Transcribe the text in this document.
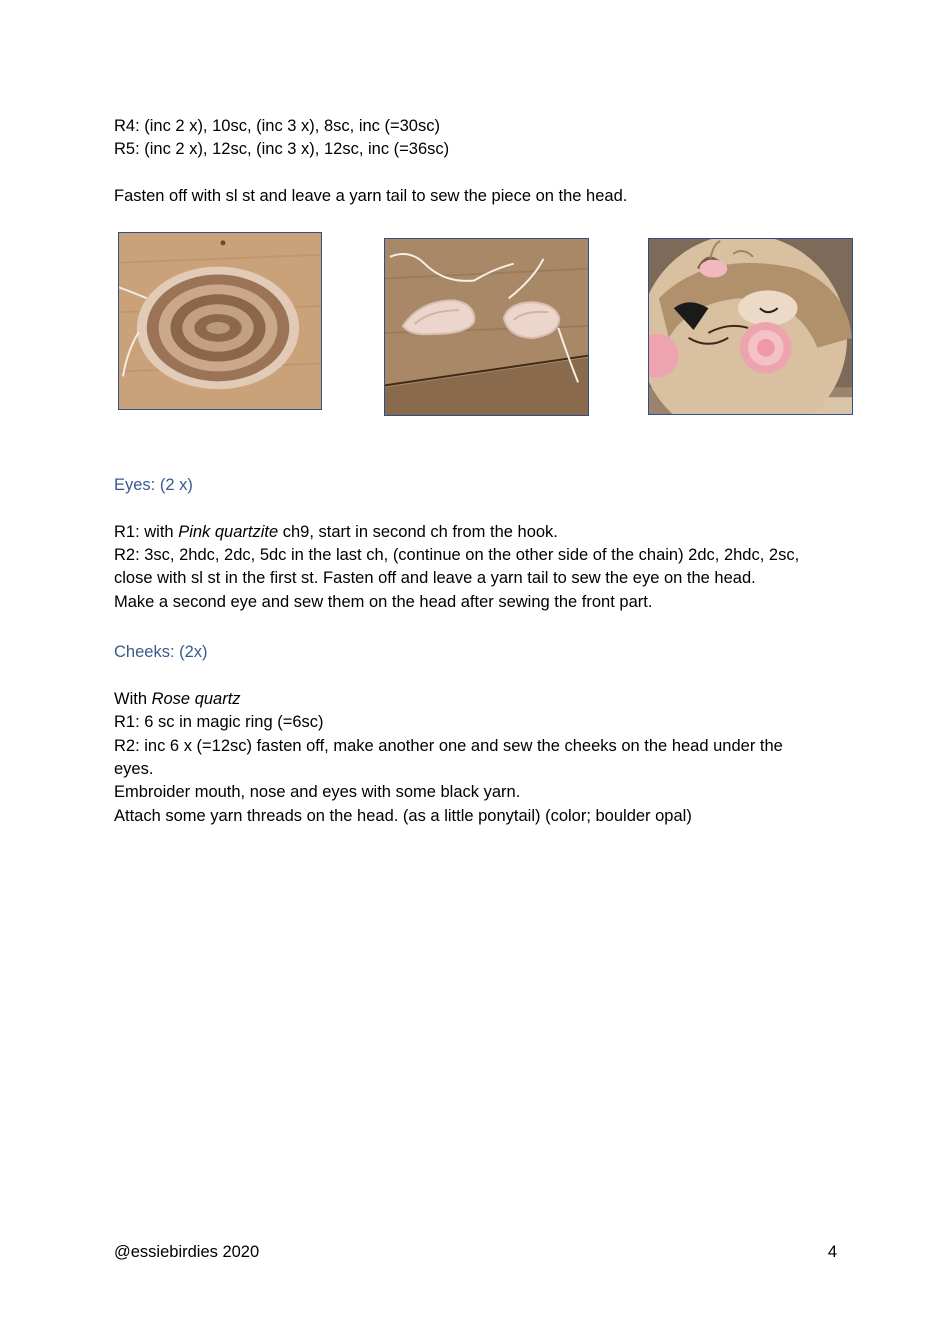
R4: (inc 2 x), 10sc, (inc 3 x), 8sc, inc (=30sc)
R5: (inc 2 x), 12sc, (inc 3 x), 12sc, inc (=36sc)
Fasten off with sl st and leave a yarn tail to sew the piece on the head.
Eyes: (2 x)
R1: with Pink quartzite ch9, start in second ch from the hook.
R2: 3sc, 2hdc, 2dc, 5dc in the last ch, (continue on the other side of the chain) 2dc, 2hdc, 2sc,
close with sl st in the first st. Fasten off and leave a yarn tail to sew the eye on the head.
Make a second eye and sew them on the head after sewing the front part.
Cheeks: (2x)
With Rose quartz
R1: 6 sc in magic ring (=6sc)
R2: inc 6 x (=12sc) fasten off, make another one and sew the cheeks on the head under the
eyes.
Embroider mouth, nose and eyes with some black yarn.
Attach some yarn threads on the head. (as a little ponytail) (color; boulder opal)
@essiebirdies 2020	4
